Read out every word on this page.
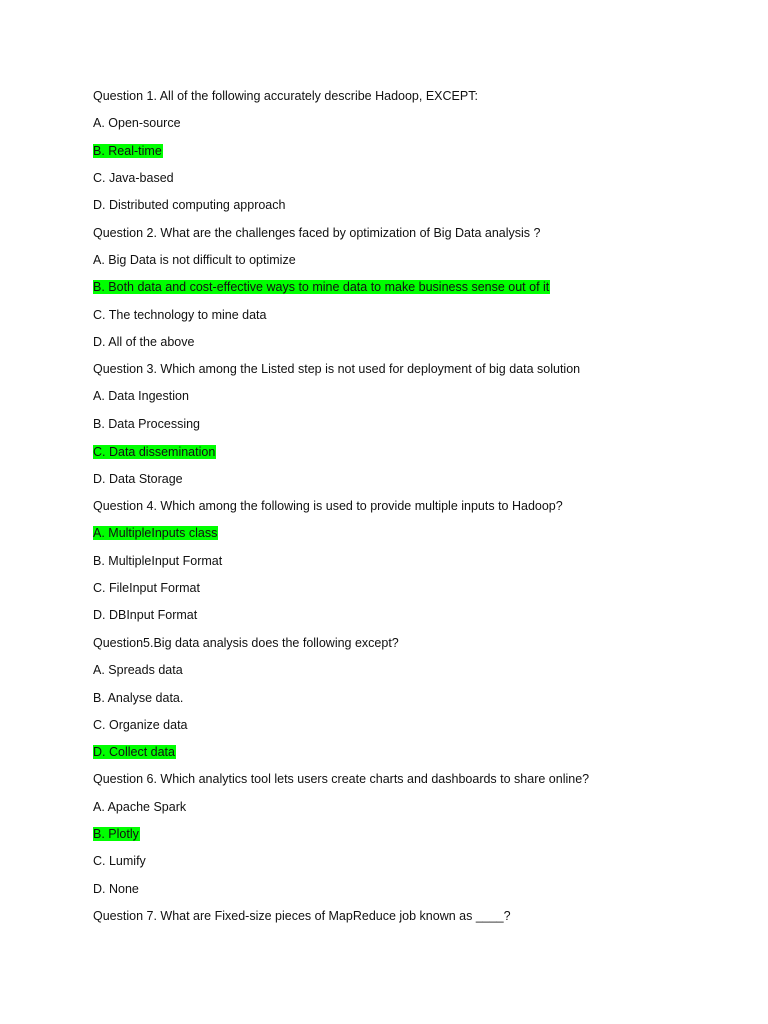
Question 1. All of the following accurately describe Hadoop, EXCEPT:
A. Open-source
B. Real-time
C. Java-based
D. Distributed computing approach
Question 2. What are the challenges faced by optimization of Big Data analysis ?
A. Big Data is not difficult to optimize
B. Both data and cost-effective ways to mine data to make business sense out of it
C. The technology to mine data
D. All of the above
Question 3. Which among the Listed step is not used for deployment of big data solution
A. Data Ingestion
B. Data Processing
C. Data dissemination
D. Data Storage
Question 4. Which among the following is used to provide multiple inputs to Hadoop?
A. MultipleInputs class
B. MultipleInput Format
C. FileInput Format
D. DBInput Format
Question5.Big data analysis does the following except?
A. Spreads data
B. Analyse data.
C. Organize data
D. Collect data
Question 6. Which analytics tool lets users create charts and dashboards to share online?
A. Apache Spark
B. Plotly
C. Lumify
D. None
Question 7. What are Fixed-size pieces of MapReduce job known as ____?
